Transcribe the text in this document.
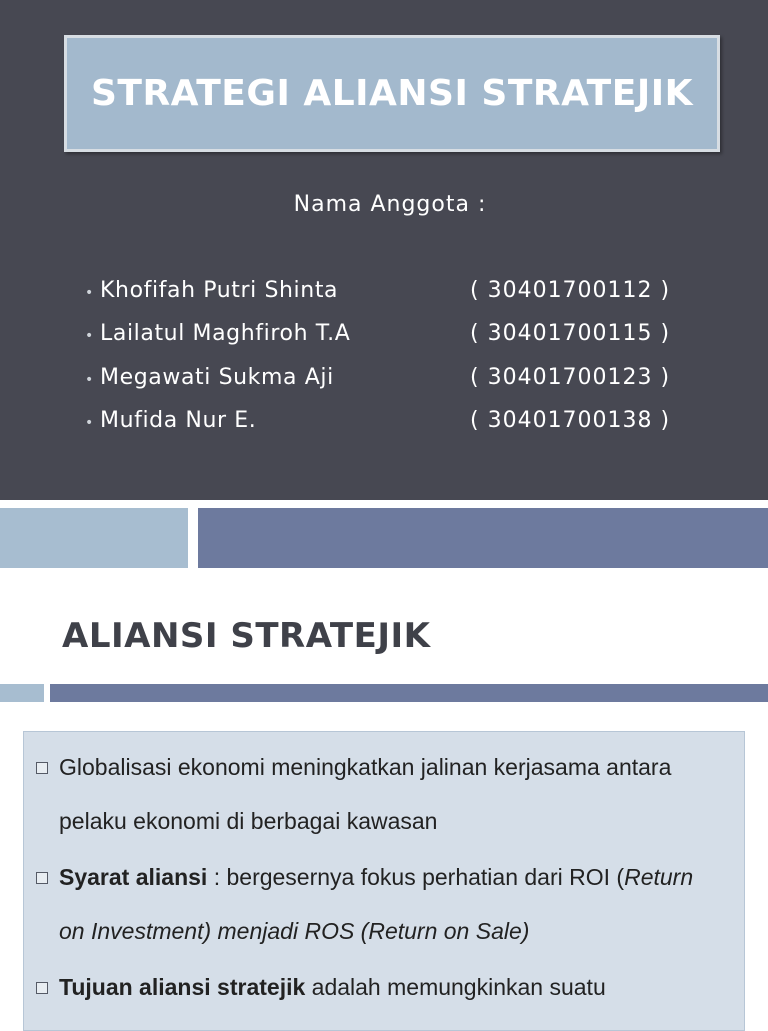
STRATEGI ALIANSI STRATEJIK
Nama Anggota :
• Khofifah Putri Shinta	( 30401700112 )
• Lailatul Maghfiroh T.A	( 30401700115 )
• Megawati Sukma Aji	( 30401700123 )
• Mufida Nur E.	( 30401700138 )
ALIANSI STRATEJIK
Globalisasi ekonomi meningkatkan jalinan kerjasama antara
pelaku ekonomi di berbagai kawasan
Syarat aliansi : bergesernya fokus perhatian dari ROI (Return
on Investment) menjadi ROS (Return on Sale)
Tujuan aliansi stratejik adalah memungkinkan suatu
